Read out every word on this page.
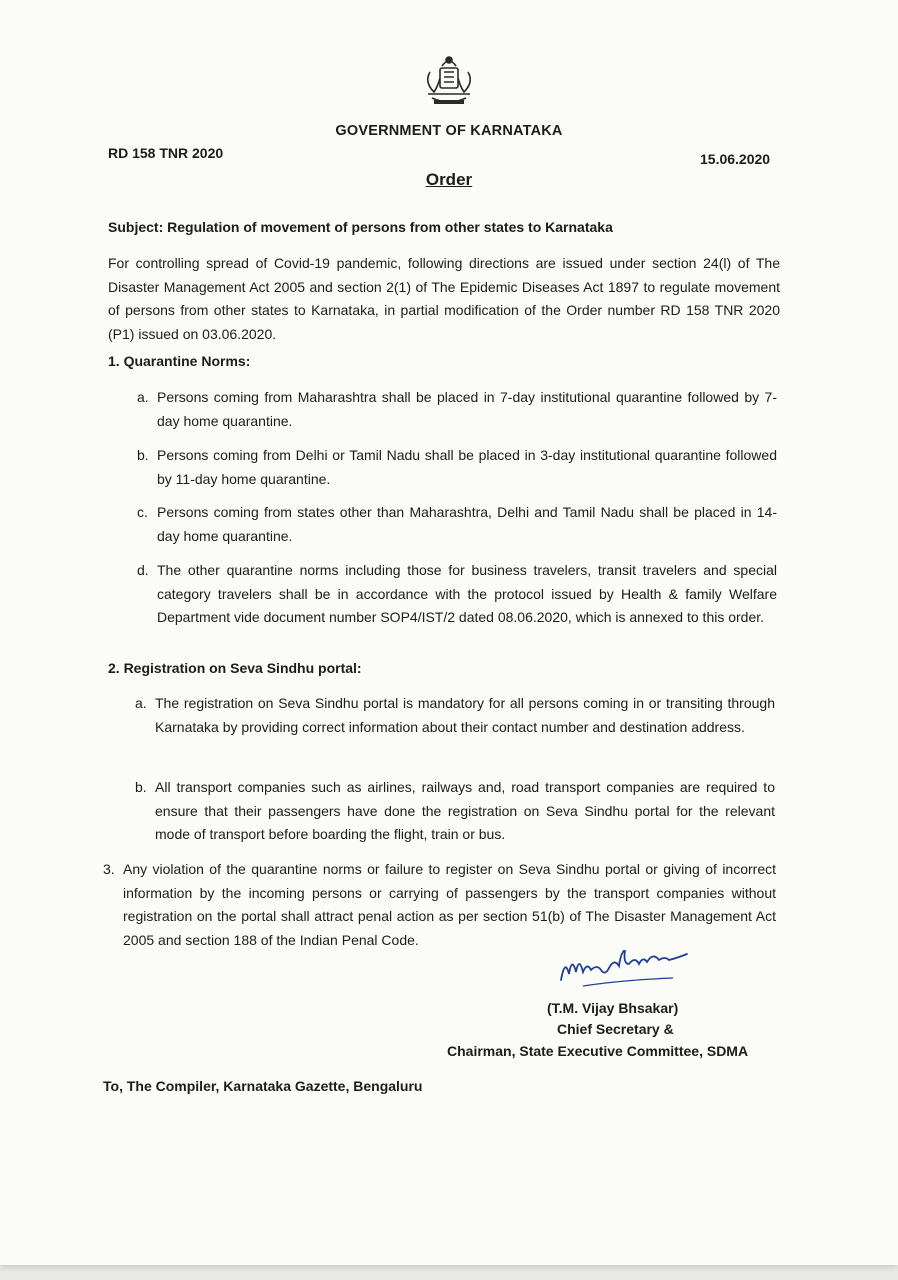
GOVERNMENT OF KARNATAKA
RD 158 TNR 2020	15.06.2020
Order
Subject: Regulation of movement of persons from other states to Karnataka
For controlling spread of Covid-19 pandemic, following directions are issued under section 24(l) of The Disaster Management Act 2005 and section 2(1) of The Epidemic Diseases Act 1897 to regulate movement of persons from other states to Karnataka, in partial modification of the Order number RD 158 TNR 2020 (P1) issued on 03.06.2020.
1. Quarantine Norms:
a. Persons coming from Maharashtra shall be placed in 7-day institutional quarantine followed by 7-day home quarantine.
b. Persons coming from Delhi or Tamil Nadu shall be placed in 3-day institutional quarantine followed by 11-day home quarantine.
c. Persons coming from states other than Maharashtra, Delhi and Tamil Nadu shall be placed in 14-day home quarantine.
d. The other quarantine norms including those for business travelers, transit travelers and special category travelers shall be in accordance with the protocol issued by Health & family Welfare Department vide document number SOP4/IST/2 dated 08.06.2020, which is annexed to this order.
2. Registration on Seva Sindhu portal:
a. The registration on Seva Sindhu portal is mandatory for all persons coming in or transiting through Karnataka by providing correct information about their contact number and destination address.
b. All transport companies such as airlines, railways and, road transport companies are required to ensure that their passengers have done the registration on Seva Sindhu portal for the relevant mode of transport before boarding the flight, train or bus.
3. Any violation of the quarantine norms or failure to register on Seva Sindhu portal or giving of incorrect information by the incoming persons or carrying of passengers by the transport companies without registration on the portal shall attract penal action as per section 51(b) of The Disaster Management Act 2005 and section 188 of the Indian Penal Code.
(T.M. Vijay Bhsakar)
Chief Secretary &
Chairman, State Executive Committee, SDMA
To, The Compiler, Karnataka Gazette, Bengaluru
